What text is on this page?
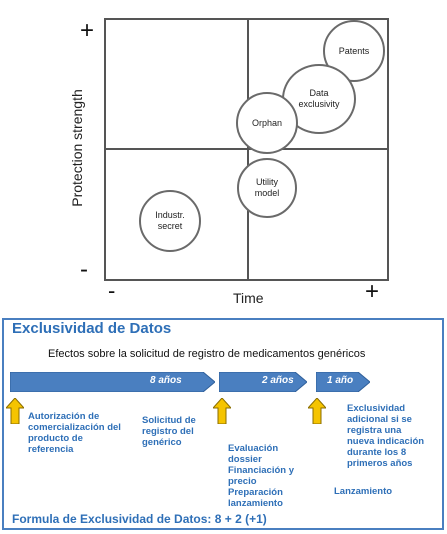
+
-
-	+
Protection strength
Time
Patents
Data exclusivity
Orphan
Utility model
Industr. secret
Exclusividad de Datos
Efectos sobre la solicitud de registro de medicamentos genéricos
8 años	2 años	1 año
Autorización de comercialización del producto de referencia
Solicitud de registro del genérico
Evaluación dossier Financiación y precio Preparación lanzamiento
Exclusividad adicional si se registra una nueva indicación durante los 8 primeros años
Lanzamiento
Formula de Exclusividad de Datos: 8 + 2 (+1)
